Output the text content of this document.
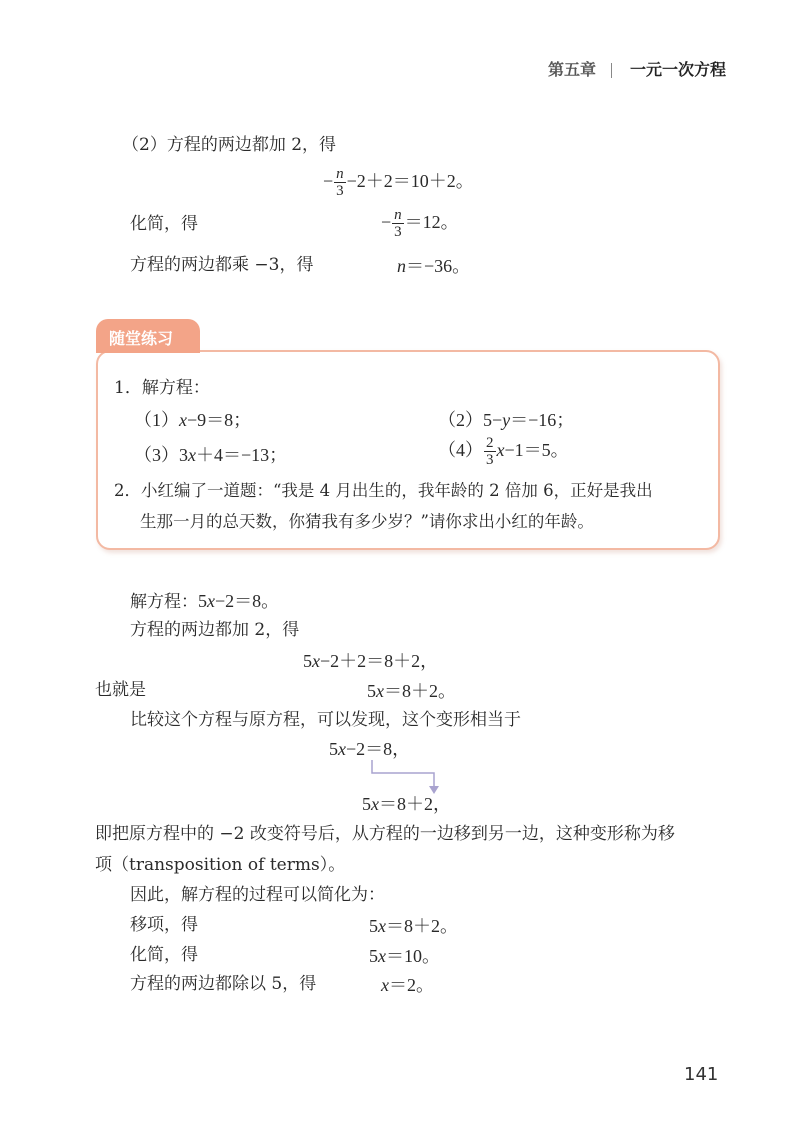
第五章 一元一次方程
（2）方程的两边都加 2，得
− $\frac{n}{3} -2+2=10+2$。
化简，得	− $\frac{n}{3} =12$。
方程的两边都乘 −3，得	n＝−36。
随堂练习
1．解方程：
（1）x−9＝8；	（2）5−y＝−16；
（3）3x＋4＝−13；	$(4) \frac{2}{3} x-1=5$。
2．小红编了一道题：“我是 4 月出生的，我年龄的 2 倍加 6，正好是我出
生那一月的总天数，你猜我有多少岁？”请你求出小红的年龄。
解方程：5x−2＝8。
方程的两边都加 2，得
5x−2＋2＝8＋2，
也就是	5x＝8＋2。
比较这个方程与原方程，可以发现，这个变形相当于
5x−2＝8，
5x＝8＋2，
即把原方程中的 −2 改变符号后，从方程的一边移到另一边，这种变形称为移
项（transposition of terms）。
因此，解方程的过程可以简化为：
移项，得	5x＝8＋2。
化简，得	5x＝10。
方程的两边都除以 5，得	x＝2。
141
